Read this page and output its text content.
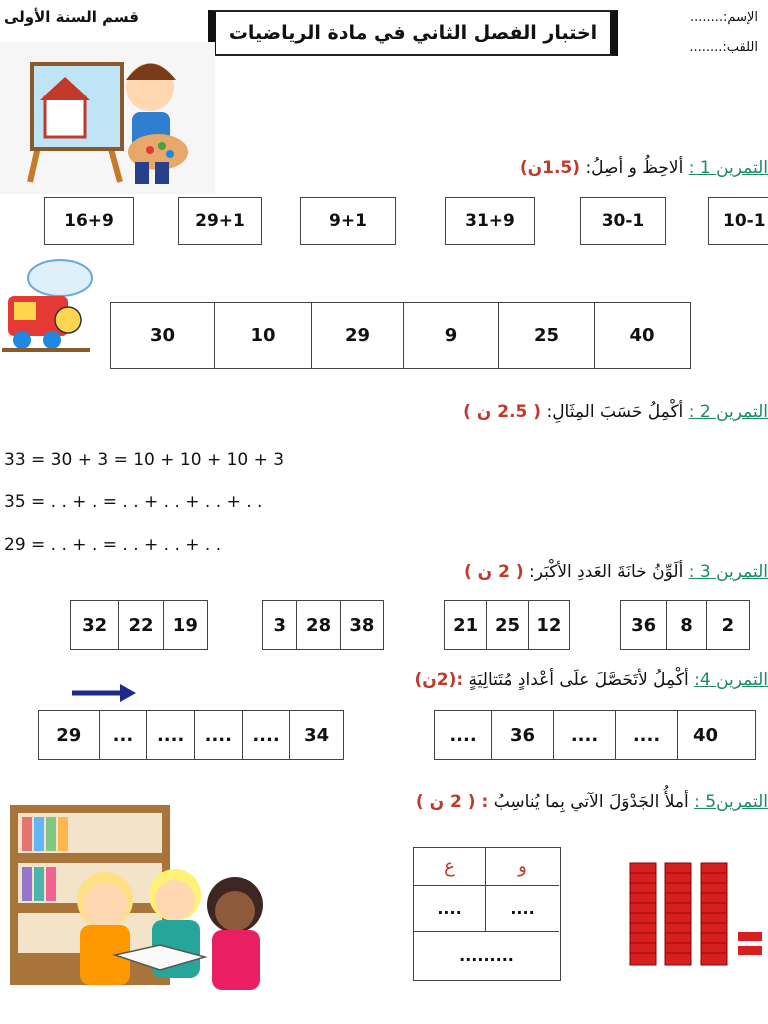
قسم السنة الأولى
اختبار الفصل الثاني في مادة الرياضيات
الإسم:........
اللقب:........
التمرين 1 : ألاحِظُ و أصِلُ: (1.5ن)
16+9	29+1	9+1	31+9	30-1	10-1
30	10	29	9	25	40
التمرين 2 : أكْمِلُ حَسَبَ المِثَالِ: ( 2.5 ن )
33 = 30 + 3 = 10 + 10 + 10 + 3
35 = . . + . = . . + . . + . . + . .
29 = . . + . = . . + . . + . .
التمرين 3 : ألَوِّنُ خانَةَ العَددِ الأكْبَر: ( 2 ن )
32	22	19	3	28	38	21 25 12	36	8	2
التمرين 4: أكْمِلُ لأتَحَصَّلَ علَى أعْدادٍ مُتَتالِيَةٍ :(2ن)
29	...	....	....	....	34	....	36	....	....	40
التمرين5 : أملأُ الجَدْوَلَ الآتي بِما يُناسِبُ : ( 2 ن )
ع	و
....	....
.........
